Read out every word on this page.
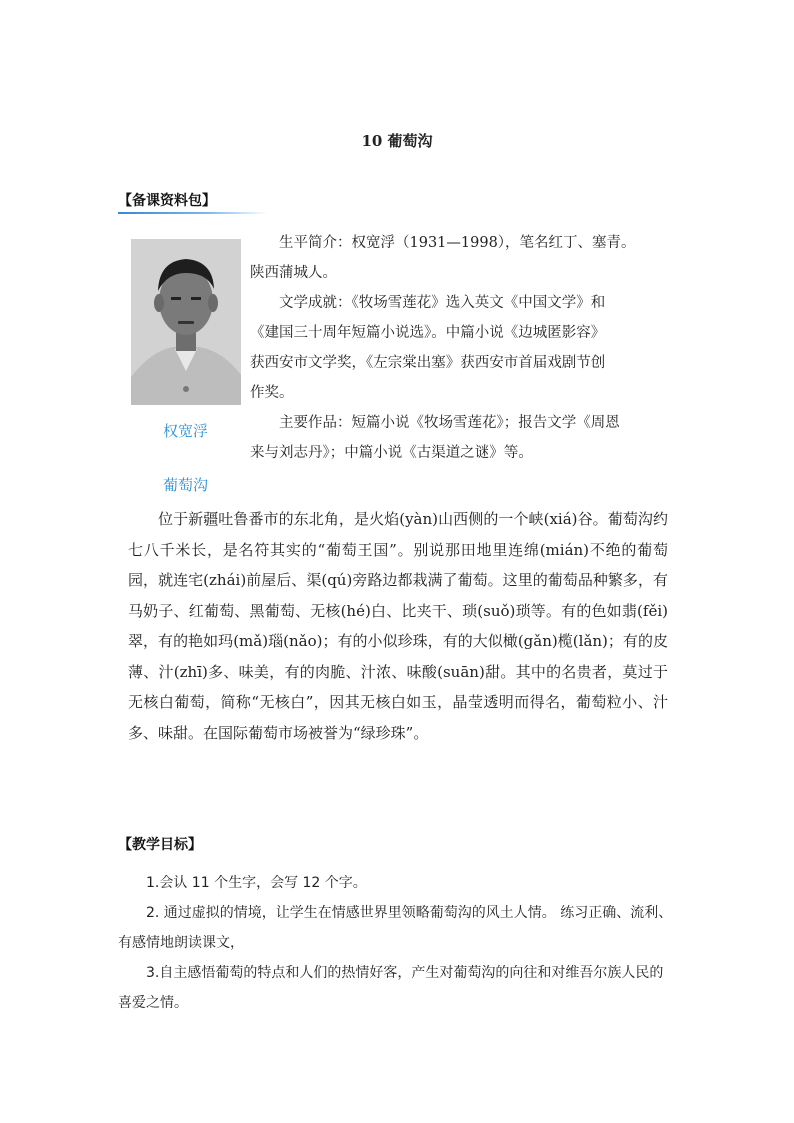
10 葡萄沟
【备课资料包】
权宽浮

生平简介：权宽浮（1931—1998），笔名红丁、塞青。

陕西蒲城人。

文学成就：《牧场雪莲花》选入英文《中国文学》和

《建国三十周年短篇小说选》。中篇小说《边城匿影容》

获西安市文学奖，《左宗棠出塞》获西安市首届戏剧节创

作奖。

主要作品：短篇小说《牧场雪莲花》；报告文学《周恩

来与刘志丹》；中篇小说《古渠道之谜》等。

葡萄沟

位于新疆吐鲁番市的东北角，是火焰(yàn)山西侧的一个峡(xiá)谷。葡萄沟约七八千米长，是名符其实的“葡萄王国”。别说那田地里连绵(mián)不绝的葡萄园，就连宅(zhái)前屋后、渠(qú)旁路边都栽满了葡萄。这里的葡萄品种繁多，有马奶子、红葡萄、黑葡萄、无核(hé)白、比夹干、琐(suǒ)琐等。有的色如翡(fěi)翠，有的艳如玛(mǎ)瑙(nǎo)；有的小似珍珠，有的大似橄(gǎn)榄(lǎn)；有的皮薄、汁(zhī)多、味美，有的肉脆、汁浓、味酸(suān)甜。其中的名贵者，莫过于无核白葡萄，简称“无核白”，因其无核白如玉，晶莹透明而得名，葡萄粒小、汁多、味甜。在国际葡萄市场被誉为“绿珍珠”。

【教学目标】

1.会认 11 个生字，会写 12 个字。

2. 通过虚拟的情境，让学生在情感世界里领略葡萄沟的风土人情。 练习正确、流利、有感情地朗读课文，

3.自主感悟葡萄的特点和人们的热情好客，产生对葡萄沟的向往和对维吾尔族人民的喜爱之情。
